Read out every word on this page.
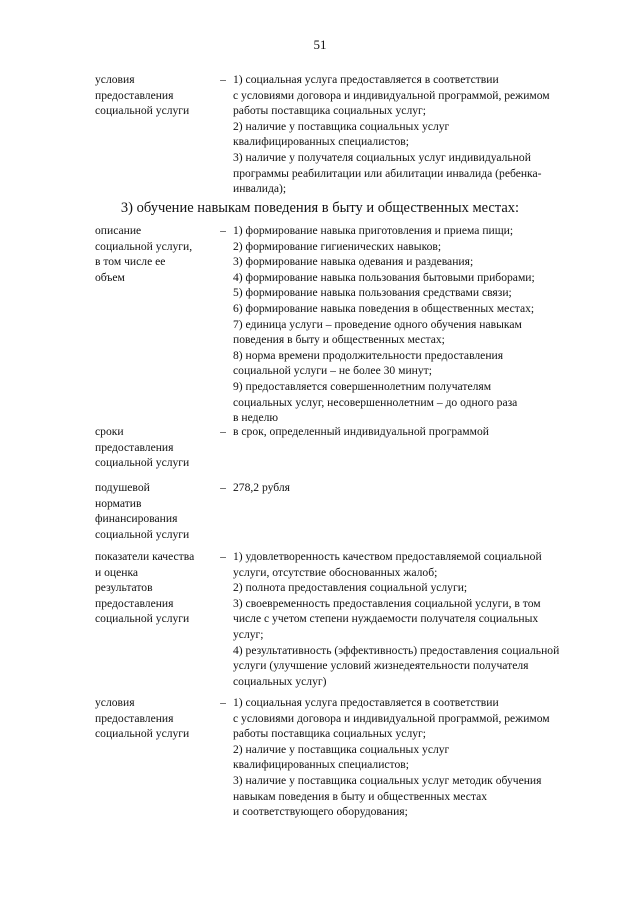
51
условия
предоставления
социальной услуги
– 1) социальная услуга предоставляется в соответствии
с условиями договора и индивидуальной программой, режимом
работы поставщика социальных услуг;
2) наличие у поставщика социальных услуг
квалифицированных специалистов;
3) наличие у получателя социальных услуг индивидуальной
программы реабилитации или абилитации инвалида (ребенка-
инвалида);
3) обучение навыкам поведения в быту и общественных местах:
описание
социальной услуги,
в том числе ее
объем
– 1) формирование навыка приготовления и приема пищи;
2) формирование гигиенических навыков;
3) формирование навыка одевания и раздевания;
4) формирование навыка пользования бытовыми приборами;
5) формирование навыка пользования средствами связи;
6) формирование навыка поведения в общественных местах;
7) единица услуги – проведение одного обучения навыкам
поведения в быту и общественных местах;
8) норма времени продолжительности предоставления
социальной услуги – не более 30 минут;
9) предоставляется совершеннолетним получателям
социальных услуг, несовершеннолетним – до одного раза
в неделю
сроки
предоставления
социальной услуги
– в срок, определенный индивидуальной программой
подушевой
норматив
финансирования
социальной услуги
– 278,2 рубля
показатели качества
и оценка
результатов
предоставления
социальной услуги
– 1) удовлетворенность качеством предоставляемой социальной
услуги, отсутствие обоснованных жалоб;
2) полнота предоставления социальной услуги;
3) своевременность предоставления социальной услуги, в том
числе с учетом степени нуждаемости получателя социальных
услуг;
4) результативность (эффективность) предоставления социальной
услуги (улучшение условий жизнедеятельности получателя
социальных услуг)
условия
предоставления
социальной услуги
– 1) социальная услуга предоставляется в соответствии
с условиями договора и индивидуальной программой, режимом
работы поставщика социальных услуг;
2) наличие у поставщика социальных услуг
квалифицированных специалистов;
3) наличие у поставщика социальных услуг методик обучения
навыкам поведения в быту и общественных местах
и соответствующего оборудования;
